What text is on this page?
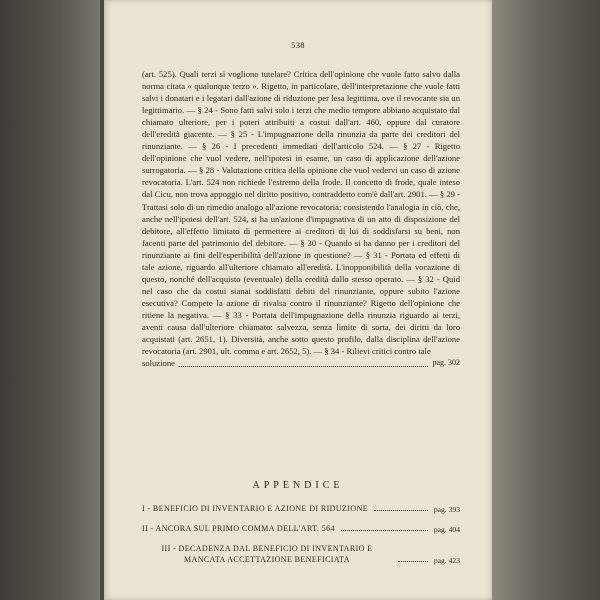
538

(art. 525). Quali terzi si vogliono tutelare? Critica dell'opinione che vuole fatto salvo dalla norma citata « qualunque terzo ». Rigetto, in particolare, dell'interpretazione che vuole fatti salvi i donatari e i legatari dall'azione di riduzione per lesa legittima, ove il revocante sia un legittimario. — § 24 - Sono fatti salvi solo i terzi che medio tempore abbiano acquistato dal chiamato ulteriore, per i poteri attribuiti a costui dall'art. 460, oppure dal curatore dell'eredità giacente. — § 25 - L'impugnazione della rinunzia da parte dei creditori del rinunziante. — § 26 - I precedenti immediati dell'articolo 524. — § 27 - Rigetto dell'opinione che vuol vedere, nell'ipotesi in esame, un caso di applicazione dell'azione surrogatoria. — § 28 - Valutazione critica della opinione che vuol vedervi un caso di azione revocatoria. L'art. 524 non richiede l'estremo della frode. Il concetto di frode, quale inteso dal Cicu, non trova appoggio nel diritto positivo, contraddetto com'è dall'art. 2901. — § 29 - Trattasi solo di un rimedio analogo all'azione revocatoria: consistendo l'analogia in ciò, che, anche nell'ipotesi dell'art. 524, si ha un'azione d'impugnativa di un atto di disposizione del debitore, all'effetto limitato di permettere ai creditori di lui di soddisfarsi su beni, non facenti parte del patrimonio del debitore. — § 30 - Quando si ha danno per i creditori del rinunziante ai fini dell'esperibilità dell'azione in questione? — § 31 - Portata ed effetti di tale azione, riguardo all'ulteriore chiamato all'eredità. L'inopponibilità della vocazione di questo, nonché dell'acquisto (eventuale) della eredità dallo stesso operato. — § 32 - Quid nel caso che da costui sianai soddisfatti debiti del rinunziante, oppure subito l'azione esecutiva? Compete la azione di rivalsa contro il rinunziante? Rigetto dell'opinione che ritiene la negativa. — § 33 - Portata dell'impugnazione della rinunzia riguardo ai terzi, aventi causa dall'ulteriore chiamato: salvezza, senza limite di sorta, dei diritti da loro acquistati (art. 2651, 1). Diversità, anche sotto questo profilo, dalla disciplina dell'azione revocatoria (art. 2901, ult. comma e art. 2652, 5). — § 34 - Rilievi critici contro tale

soluzione	pag. 302
APPENDICE
I - BENEFICIO DI INVENTARIO E AZIONE DI RIDUZIONE	pag. 393
II - ANCORA SUL PRIMO COMMA DELL'ART. 564	pag. 404
III - DECADENZA DAL BENEFICIO DI INVENTARIO E MANCATA ACCETTAZIONE BENEFICIATA	pag. 423
